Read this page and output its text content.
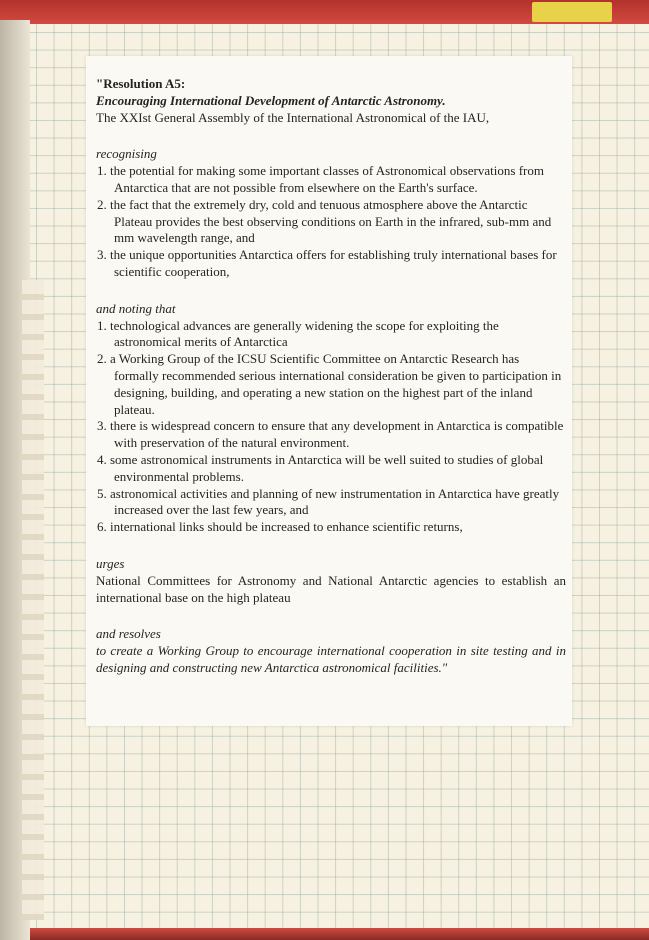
"Resolution A5:

Encouraging International Development of Antarctic Astronomy.

The XXIst General Assembly of the International Astronomical of the IAU,

recognising

1. the potential for making some important classes of Astronomical observations from Antarctica that are not possible from elsewhere on the Earth's surface.

2. the fact that the extremely dry, cold and tenuous atmosphere above the Antarctic Plateau provides the best observing conditions on Earth in the infrared, sub-mm and mm wavelength range, and

3. the unique opportunities Antarctica offers for establishing truly international bases for scientific cooperation,

and noting that

1. technological advances are generally widening the scope for exploiting the astronomical merits of Antarctica

2. a Working Group of the ICSU Scientific Committee on Antarctic Research has formally recommended serious international consideration be given to participation in designing, building, and operating a new station on the highest part of the inland plateau.

3. there is widespread concern to ensure that any development in Antarctica is compatible with preservation of the natural environment.

4. some astronomical instruments in Antarctica will be well suited to studies of global environmental problems.

5. astronomical activities and planning of new instrumentation in Antarctica have greatly increased over the last few years, and

6. international links should be increased to enhance scientific returns,

urges

National Committees for Astronomy and National Antarctic agencies to establish an international base on the high plateau

and resolves

to create a Working Group to encourage international cooperation in site testing and in designing and constructing new Antarctica astronomical facilities."
